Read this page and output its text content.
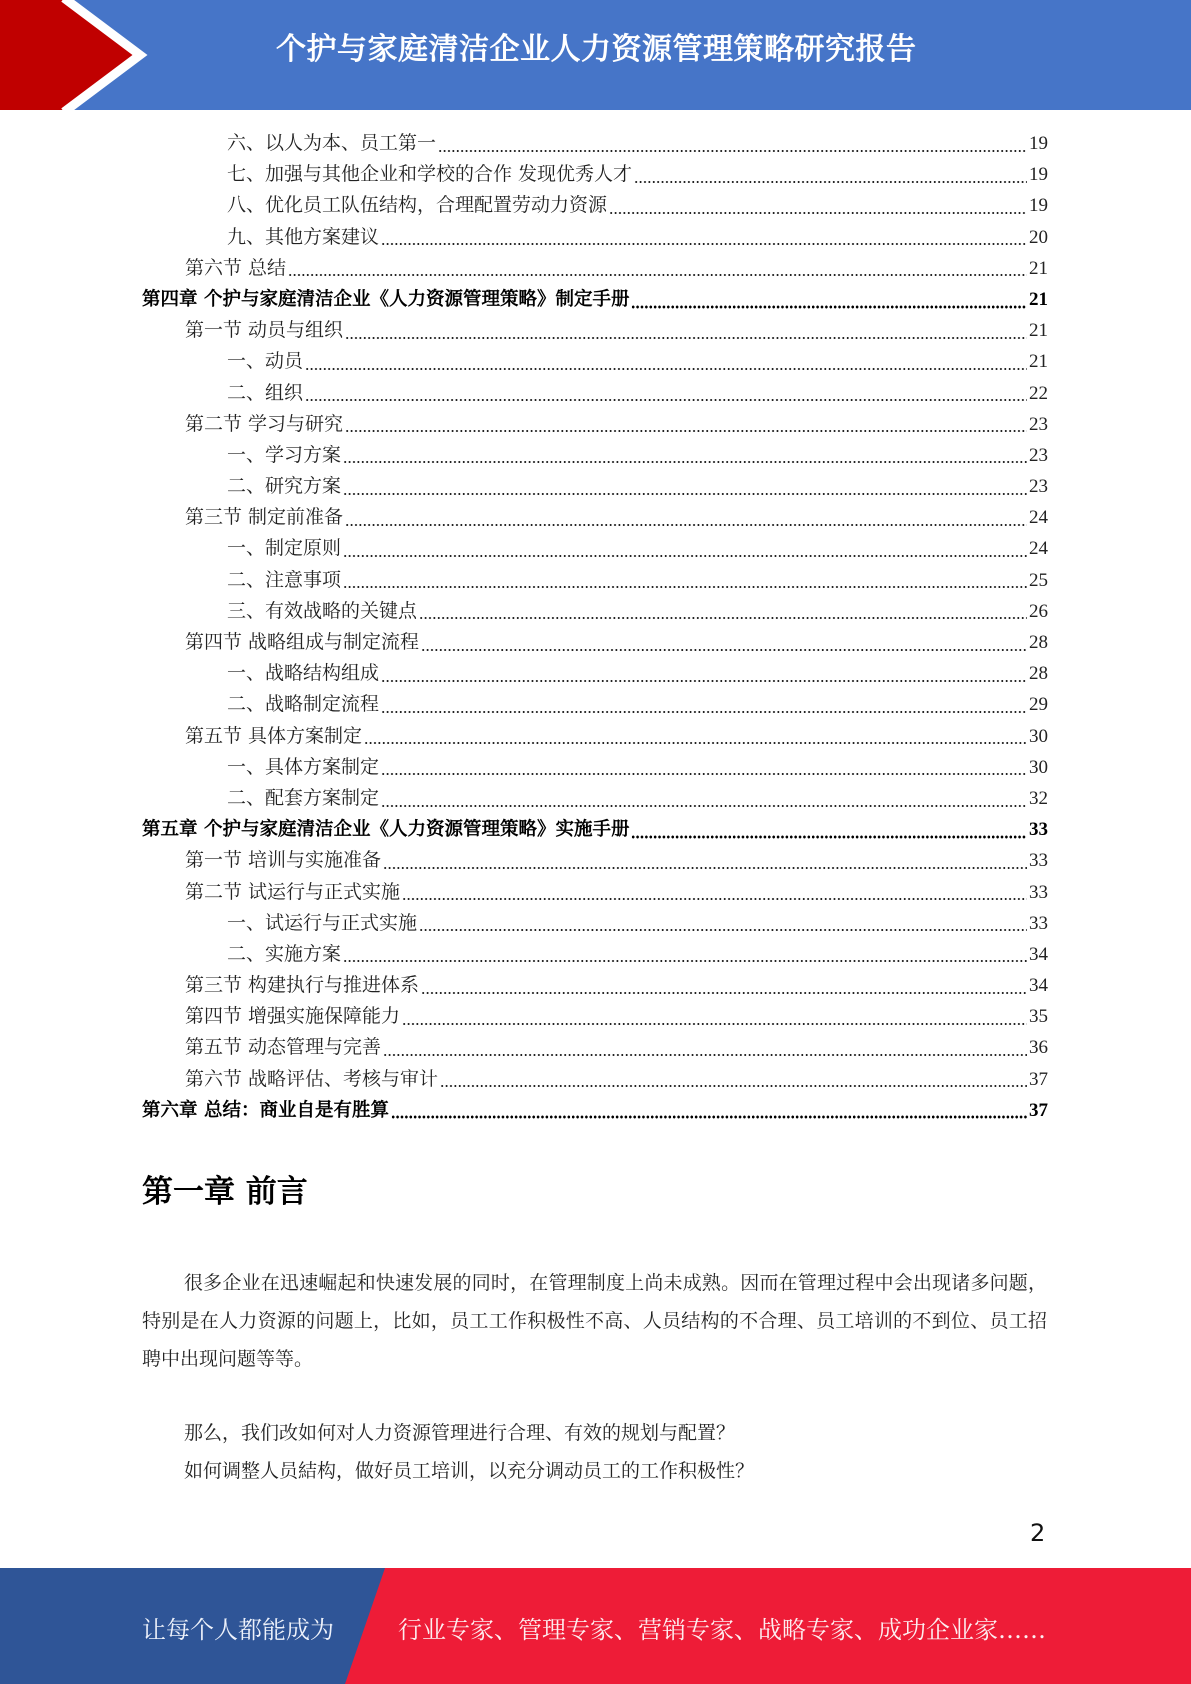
个护与家庭清洁企业人力资源管理策略研究报告
六、以人为本、员工第一	19
七、加强与其他企业和学校的合作 发现优秀人才	19
八、优化员工队伍结构，合理配置劳动力资源	19
九、其他方案建议	20
第六节 总结	21
第四章 个护与家庭清洁企业《人力资源管理策略》制定手册	21
第一节 动员与组织	21
一、动员	21
二、组织	22
第二节 学习与研究	23
一、学习方案	23
二、研究方案	23
第三节 制定前准备	24
一、制定原则	24
二、注意事项	25
三、有效战略的关键点	26
第四节 战略组成与制定流程	28
一、战略结构组成	28
二、战略制定流程	29
第五节 具体方案制定	30
一、具体方案制定	30
二、配套方案制定	32
第五章 个护与家庭清洁企业《人力资源管理策略》实施手册	33
第一节 培训与实施准备	33
第二节 试运行与正式实施	33
一、试运行与正式实施	33
二、实施方案	34
第三节 构建执行与推进体系	34
第四节 增强实施保障能力	35
第五节 动态管理与完善	36
第六节 战略评估、考核与审计	37
第六章 总结：商业自是有胜算	37
第一章 前言
很多企业在迅速崛起和快速发展的同时，在管理制度上尚未成熟。因而在管理过程中会出现诸多问题，特别是在人力资源的问题上，比如，员工工作积极性不高、人员结构的不合理、员工培训的不到位、员工招聘中出现问题等等。
那么，我们改如何对人力资源管理进行合理、有效的规划与配置？
如何调整人员結构，做好员工培训，以充分调动员工的工作积极性？
2
让每个人都能成为	行业专家、管理专家、营销专家、战略专家、成功企业家……
